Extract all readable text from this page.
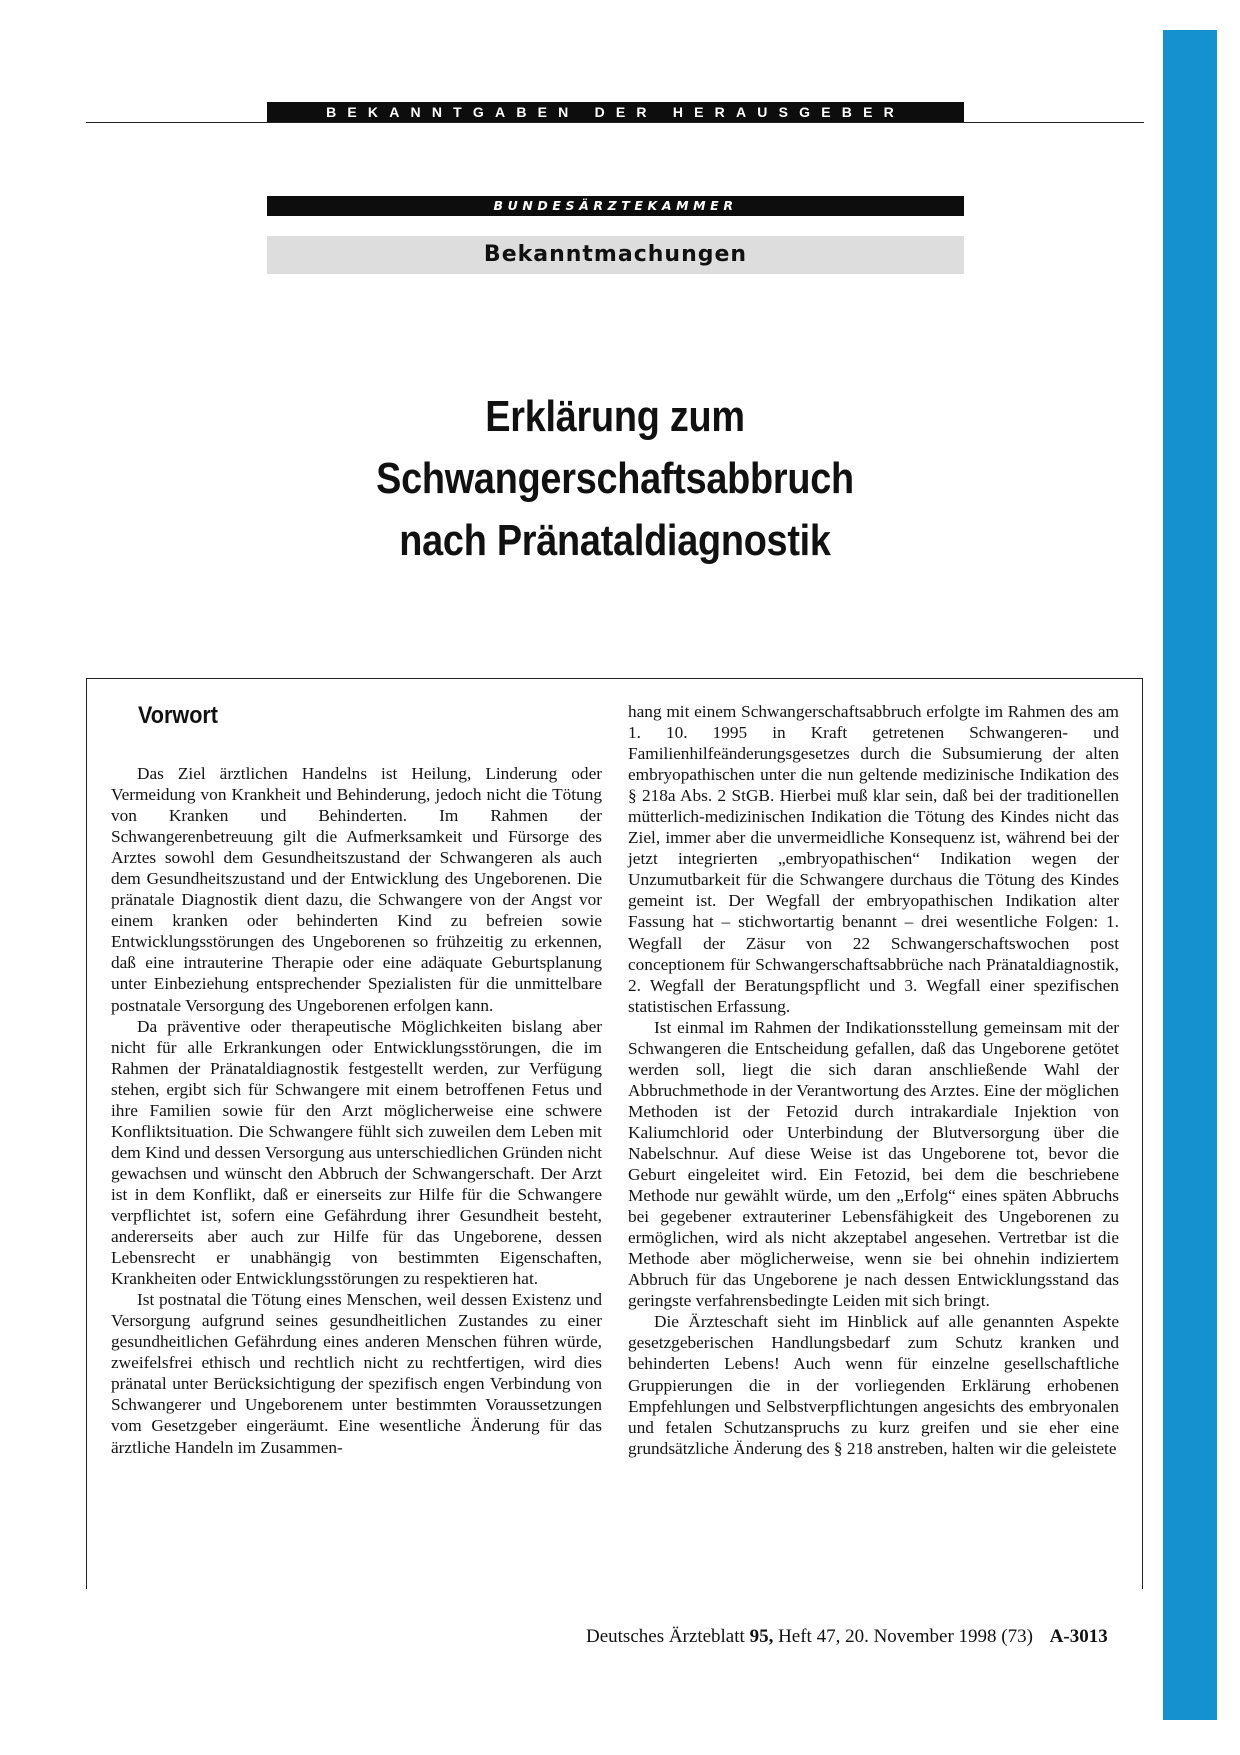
BEKANNTGABEN DER HERAUSGEBER
BUNDESÄRZTEKAMMER
Bekanntmachungen
Erklärung zum
Schwangerschaftsabbruch
nach Pränataldiagnostik
Vorwort

Das Ziel ärztlichen Handelns ist Heilung, Linderung oder Vermeidung von Krankheit und Behinderung, jedoch nicht die Tötung von Kranken und Behinderten. Im Rahmen der Schwangerenbetreuung gilt die Aufmerksamkeit und Fürsorge des Arztes sowohl dem Gesundheitszustand der Schwangeren als auch dem Gesundheitszustand und der Entwicklung des Ungeborenen. Die pränatale Diagnostik dient dazu, die Schwangere von der Angst vor einem kranken oder behinderten Kind zu befreien sowie Entwicklungsstörungen des Ungeborenen so frühzeitig zu erkennen, daß eine intrauterine Therapie oder eine adäquate Geburtsplanung unter Einbeziehung entsprechender Spezialisten für die unmittelbare postnatale Versorgung des Ungeborenen erfolgen kann.

Da präventive oder therapeutische Möglichkeiten bislang aber nicht für alle Erkrankungen oder Entwicklungsstörungen, die im Rahmen der Pränataldiagnostik festgestellt werden, zur Verfügung stehen, ergibt sich für Schwangere mit einem betroffenen Fetus und ihre Familien sowie für den Arzt möglicherweise eine schwere Konfliktsituation. Die Schwangere fühlt sich zuweilen dem Leben mit dem Kind und dessen Versorgung aus unterschiedlichen Gründen nicht gewachsen und wünscht den Abbruch der Schwangerschaft. Der Arzt ist in dem Konflikt, daß er einerseits zur Hilfe für die Schwangere verpflichtet ist, sofern eine Gefährdung ihrer Gesundheit besteht, andererseits aber auch zur Hilfe für das Ungeborene, dessen Lebensrecht er unabhängig von bestimmten Eigenschaften, Krankheiten oder Entwicklungsstörungen zu respektieren hat.

Ist postnatal die Tötung eines Menschen, weil dessen Existenz und Versorgung aufgrund seines gesundheitlichen Zustandes zu einer gesundheitlichen Gefährdung eines anderen Menschen führen würde, zweifelsfrei ethisch und rechtlich nicht zu rechtfertigen, wird dies pränatal unter Berücksichtigung der spezifisch engen Verbindung von Schwangerer und Ungeborenem unter bestimmten Voraussetzungen vom Gesetzgeber eingeräumt. Eine wesentliche Änderung für das ärztliche Handeln im Zusammen-

hang mit einem Schwangerschaftsabbruch erfolgte im Rahmen des am 1. 10. 1995 in Kraft getretenen Schwangeren- und Familienhilfeänderungsgesetzes durch die Subsumierung der alten embryopathischen unter die nun geltende medizinische Indikation des § 218a Abs. 2 StGB. Hierbei muß klar sein, daß bei der traditionellen mütterlich-medizinischen Indikation die Tötung des Kindes nicht das Ziel, immer aber die unvermeidliche Konsequenz ist, während bei der jetzt integrierten „embryopathischen“ Indikation wegen der Unzumutbarkeit für die Schwangere durchaus die Tötung des Kindes gemeint ist. Der Wegfall der embryopathischen Indikation alter Fassung hat – stichwortartig benannt – drei wesentliche Folgen: 1. Wegfall der Zäsur von 22 Schwangerschaftswochen post conceptionem für Schwangerschaftsabbrüche nach Pränataldiagnostik, 2. Wegfall der Beratungspflicht und 3. Wegfall einer spezifischen statistischen Erfassung.

Ist einmal im Rahmen der Indikationsstellung gemeinsam mit der Schwangeren die Entscheidung gefallen, daß das Ungeborene getötet werden soll, liegt die sich daran anschließende Wahl der Abbruchmethode in der Verantwortung des Arztes. Eine der möglichen Methoden ist der Fetozid durch intrakardiale Injektion von Kaliumchlorid oder Unterbindung der Blutversorgung über die Nabelschnur. Auf diese Weise ist das Ungeborene tot, bevor die Geburt eingeleitet wird. Ein Fetozid, bei dem die beschriebene Methode nur gewählt würde, um den „Erfolg“ eines späten Abbruchs bei gegebener extrauteriner Lebensfähigkeit des Ungeborenen zu ermöglichen, wird als nicht akzeptabel angesehen. Vertretbar ist die Methode aber möglicherweise, wenn sie bei ohnehin indiziertem Abbruch für das Ungeborene je nach dessen Entwicklungsstand das geringste verfahrensbedingte Leiden mit sich bringt.

Die Ärzteschaft sieht im Hinblick auf alle genannten Aspekte gesetzgeberischen Handlungsbedarf zum Schutz kranken und behinderten Lebens! Auch wenn für einzelne gesellschaftliche Gruppierungen die in der vorliegenden Erklärung erhobenen Empfehlungen und Selbstverpflichtungen angesichts des embryonalen und fetalen Schutzanspruchs zu kurz greifen und sie eher eine grundsätzliche Änderung des § 218 anstreben, halten wir die geleistete

Deutsches Ärzteblatt 95, Heft 47, 20. November 1998 (73) A-3013
